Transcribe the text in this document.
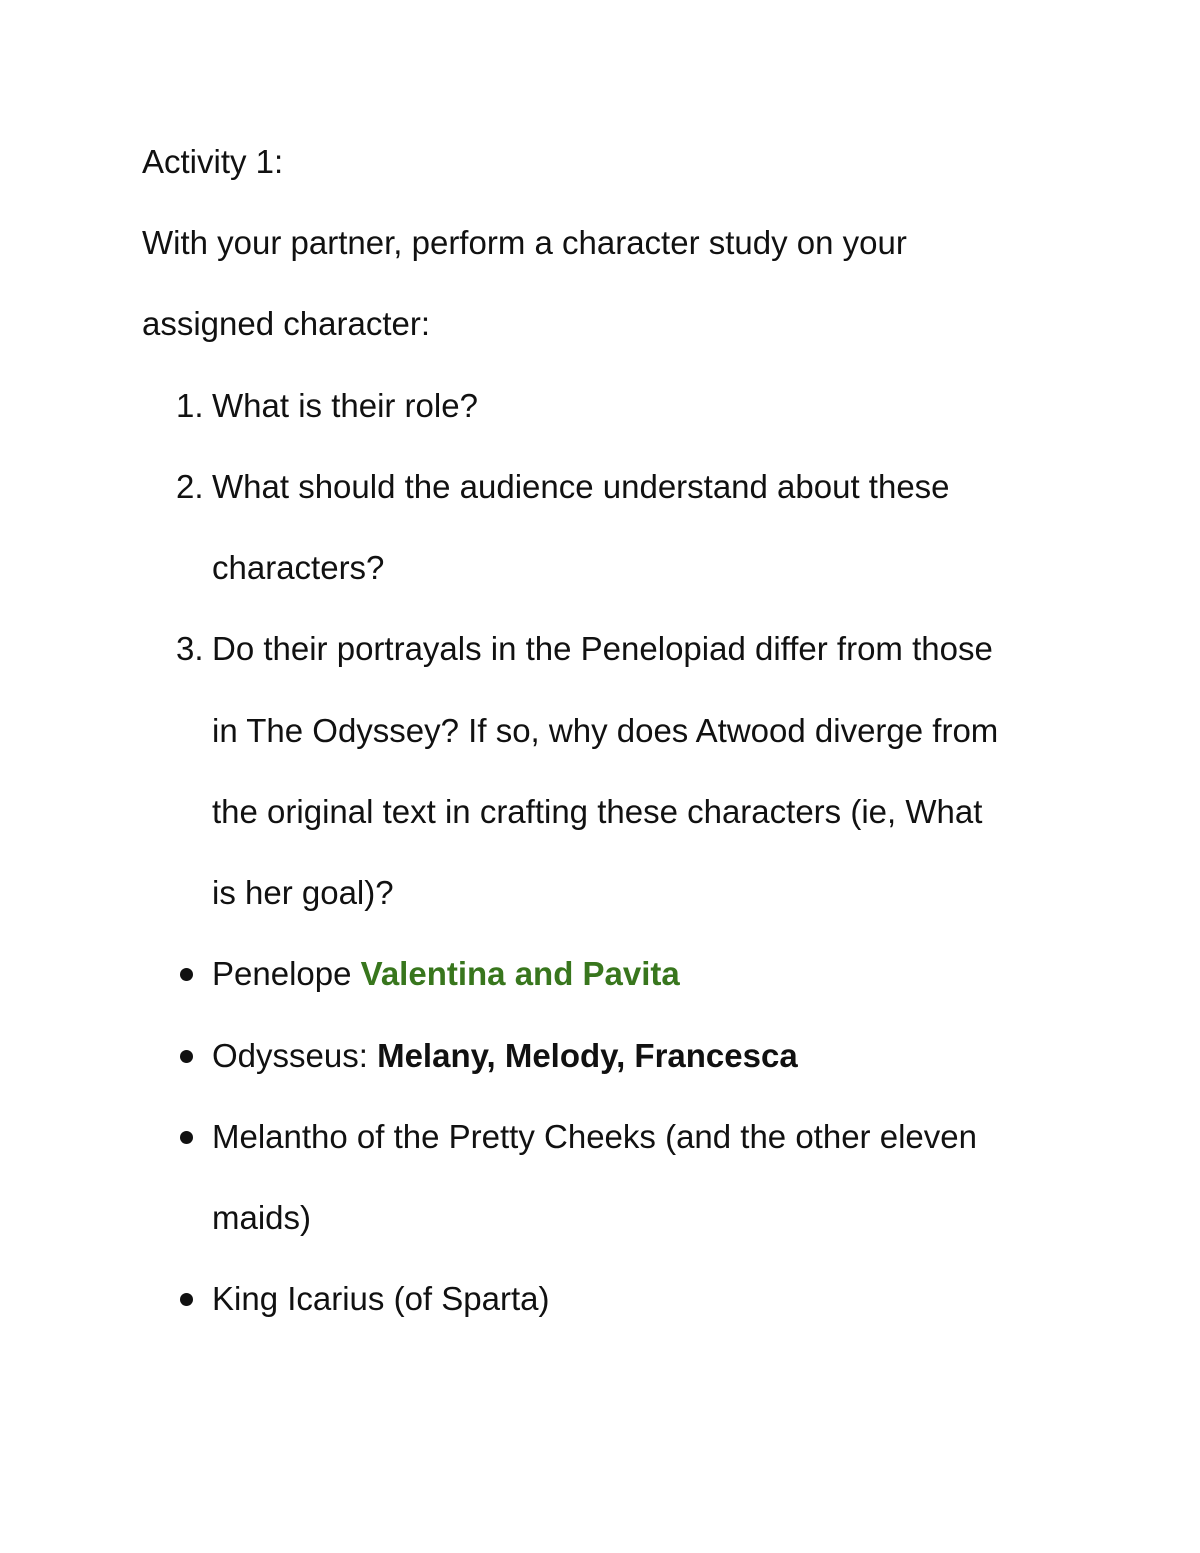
Activity 1:
With your partner, perform a character study on your
assigned character:
1. What is their role?
2. What should the audience understand about these
characters?
3. Do their portrayals in the Penelopiad differ from those
in The Odyssey? If so, why does Atwood diverge from
the original text in crafting these characters (ie, What
is her goal)?
Penelope Valentina and Pavita
Odysseus: Melany, Melody, Francesca
Melantho of the Pretty Cheeks (and the other eleven
maids)
King Icarius (of Sparta)
